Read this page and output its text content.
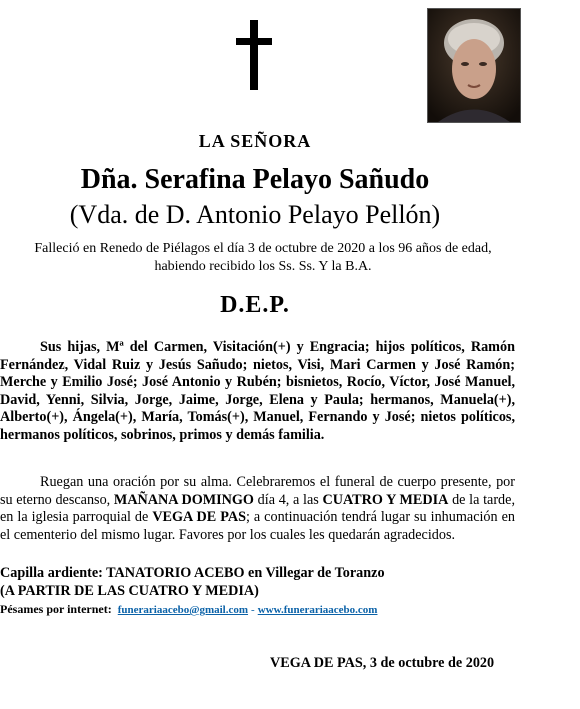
LA SEÑORA
Dña. Serafina Pelayo Sañudo
(Vda. de D. Antonio Pelayo Pellón)
Falleció en Renedo de Piélagos el día 3 de octubre de 2020 a los 96 años de edad, habiendo recibido los Ss. Ss. Y la B.A.
D.E.P.
Sus hijas, Mª del Carmen, Visitación(+) y Engracia; hijos políticos, Ramón Fernández, Vidal Ruiz y Jesús Sañudo; nietos, Visi, Mari Carmen y José Ramón; Merche y Emilio José; José Antonio y Rubén; bisnietos, Rocío, Víctor, José Manuel, David, Yenni, Silvia, Jorge, Jaime, Jorge, Elena y Paula; hermanos, Manuela(+), Alberto(+), Ángela(+), María, Tomás(+), Manuel, Fernando y José; nietos políticos, hermanos políticos, sobrinos, primos y demás familia.
Ruegan una oración por su alma. Celebraremos el funeral de cuerpo presente, por su eterno descanso, MAÑANA DOMINGO día 4, a las CUATRO Y MEDIA de la tarde, en la iglesia parroquial de VEGA DE PAS; a continuación tendrá lugar su inhumación en el cementerio del mismo lugar. Favores por los cuales les quedarán agradecidos.
Capilla ardiente: TANATORIO ACEBO en Villegar de Toranzo
(A PARTIR DE LAS CUATRO Y MEDIA)
Pésames por internet: funerariaacebo@gmail.com - www.funerariaacebo.com
VEGA DE PAS, 3 de octubre de 2020
